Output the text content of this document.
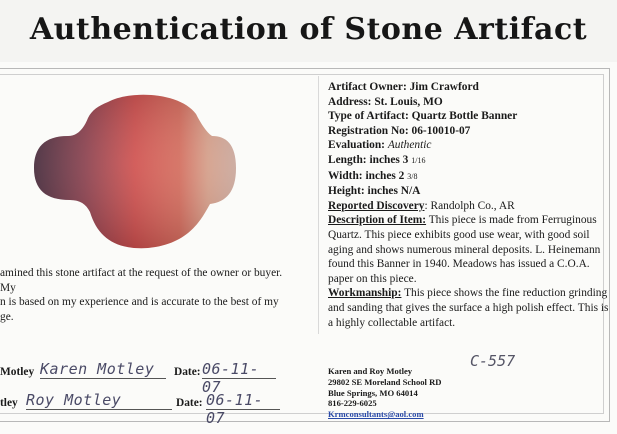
Authentication of Stone Artifact
amined this stone artifact at the request of the owner or buyer. My
n is based on my experience and is accurate to the best of my
ge.
Motley Karen Motley	Date: 06-11-07
tley Roy Motley	Date: 06-11-07
Artifact Owner: Jim Crawford
Address: St. Louis, MO
Type of Artifact: Quartz Bottle Banner
Registration No: 06-10010-07
Evaluation: Authentic
Length: inches 3 1/16
Width: inches 2 3/8
Height: inches N/A
Reported Discovery: Randolph Co., AR
Description of Item: This piece is made from Ferruginous Quartz. This piece exhibits good use wear, with good soil aging and shows numerous mineral deposits. L. Heinemann found this Banner in 1940. Meadows has issued a C.O.A. paper on this piece.
Workmanship: This piece shows the fine reduction grinding and sanding that gives the surface a high polish effect. This is a highly collectable artifact.
C-557
Karen and Roy Motley
29802 SE Moreland School RD
Blue Springs, MO 64014
816-229-6025
Krmconsultants@aol.com
